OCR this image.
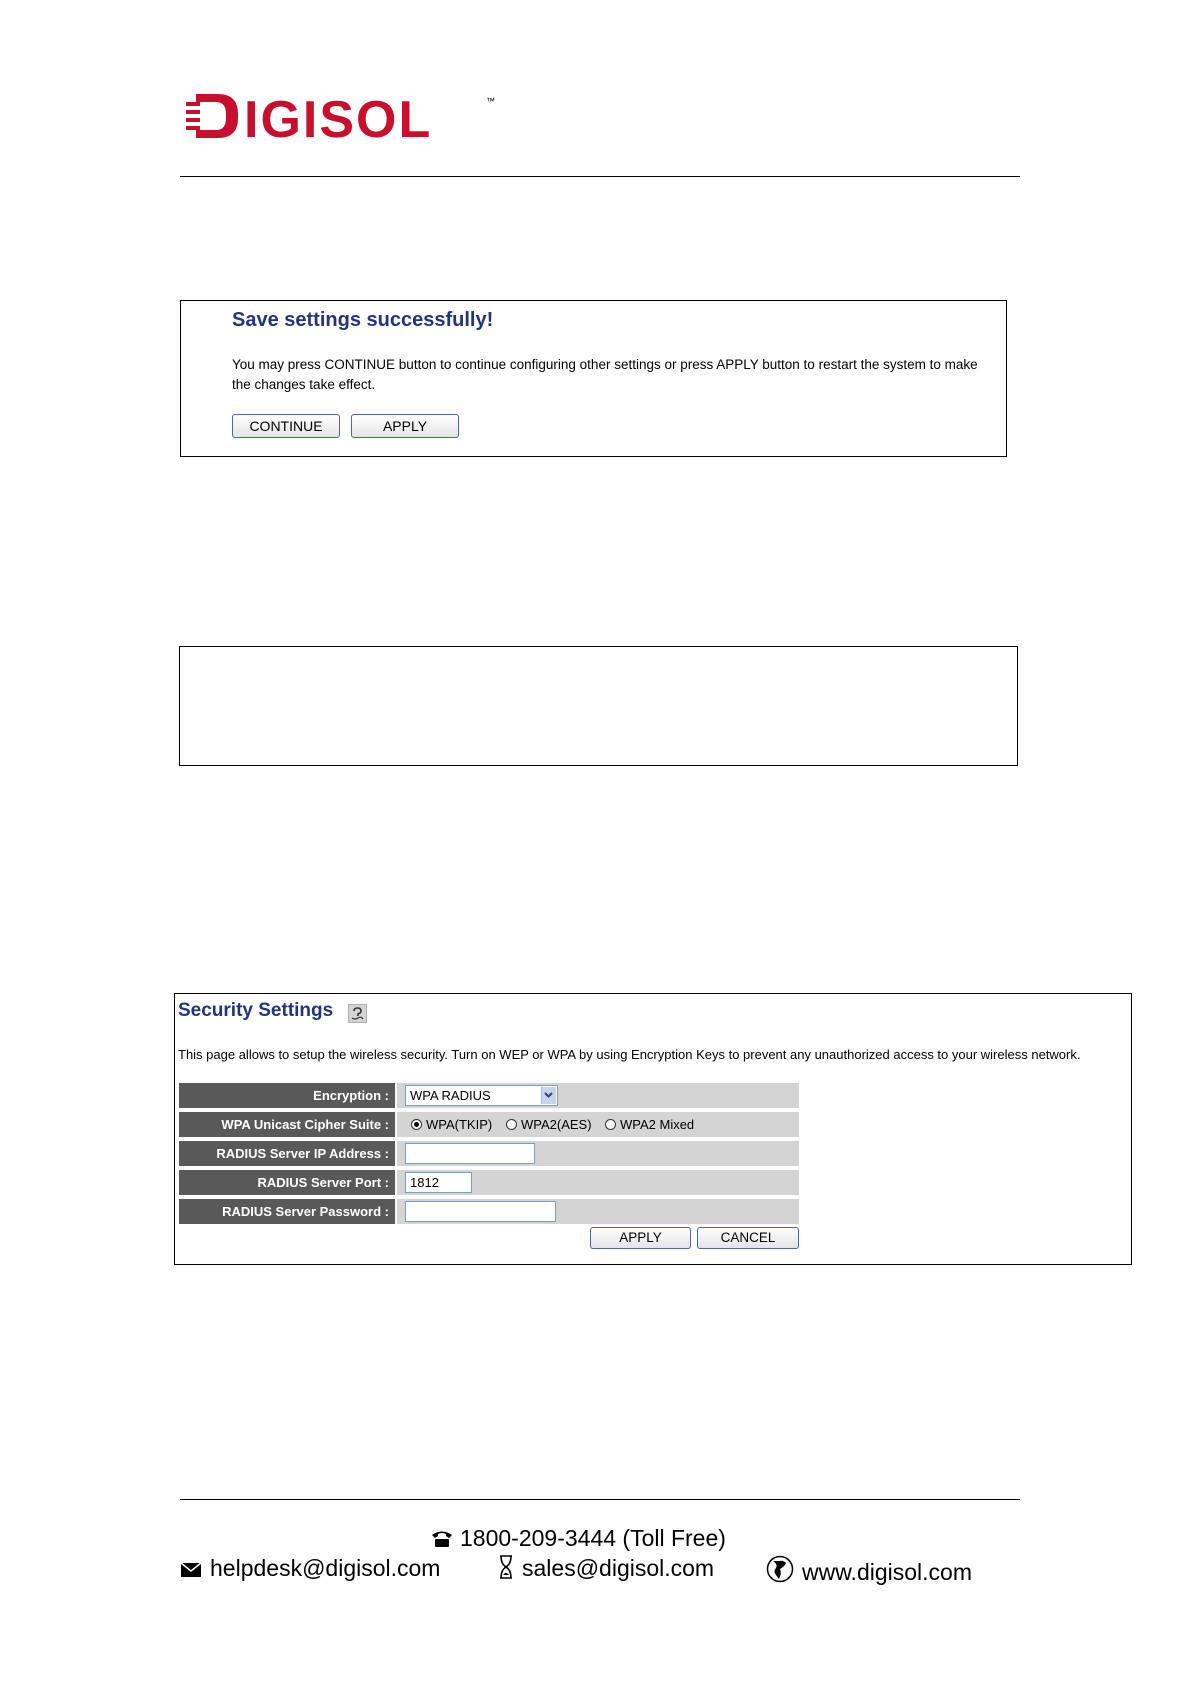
IGISOL	™
Save settings successfully!
You may press CONTINUE button to continue configuring other settings or press APPLY button to restart the system to make the changes take effect.
CONTINUE	APPLY
Security Settings
This page allows to setup the wireless security. Turn on WEP or WPA by using Encryption Keys to prevent any unauthorized access to your wireless network.
Encryption :	WPA RADIUS
WPA Unicast Cipher Suite :	WPA(TKIP) WPA2(AES) WPA2 Mixed
RADIUS Server IP Address :
RADIUS Server Port :	1812
RADIUS Server Password :
APPLY	CANCEL
1800-209-3444 (Toll Free)
helpdesk@digisol.com	sales@digisol.com	www.digisol.com
